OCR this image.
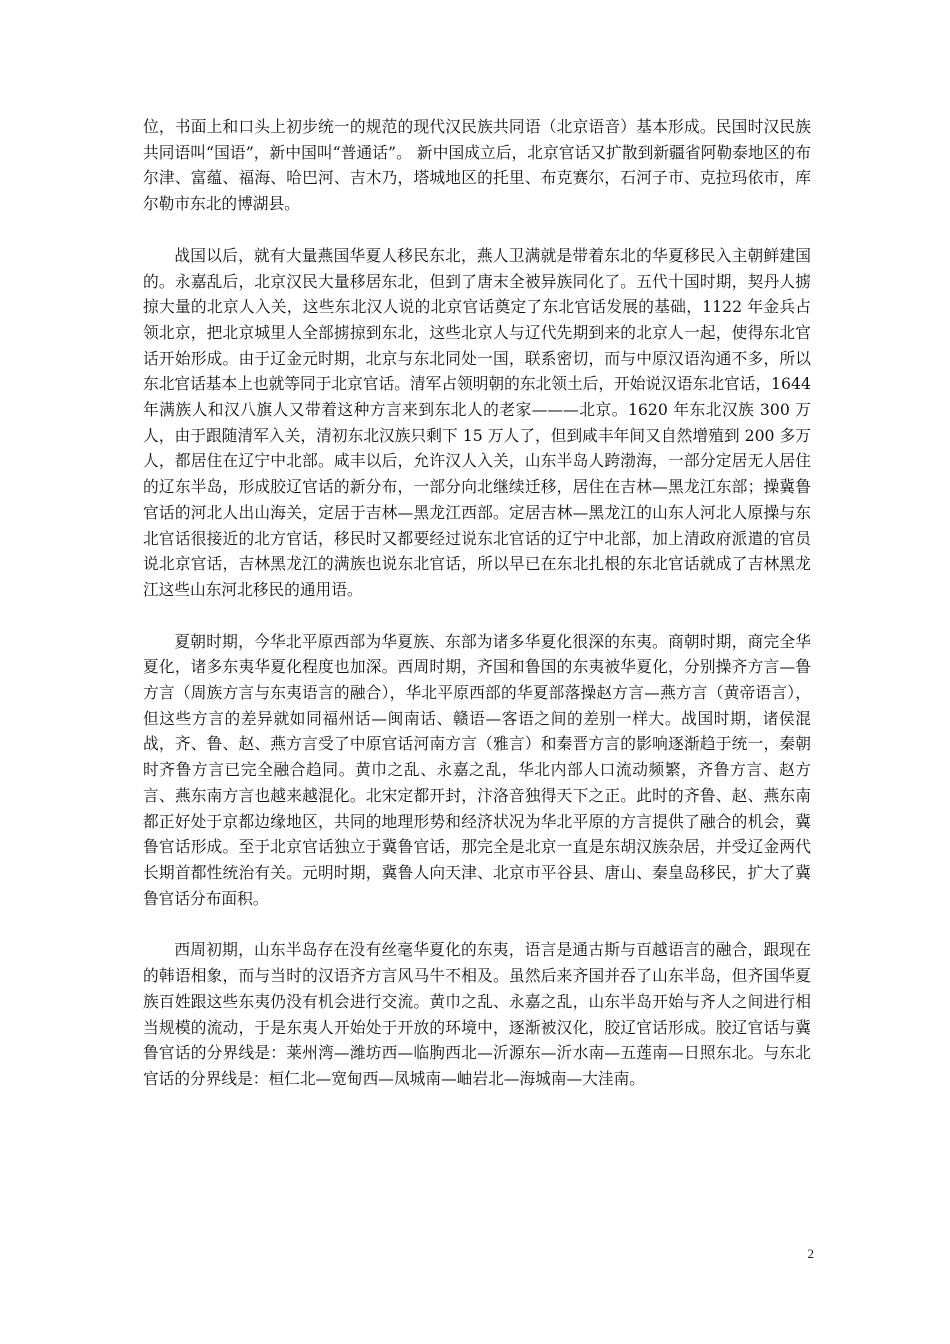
位，书面上和口头上初步统一的规范的现代汉民族共同语（北京语音）基本形成。民国时汉民族共同语叫“国语”，新中国叫“普通话”。 新中国成立后，北京官话又扩散到新疆省阿勒泰地区的布尔津、富蕴、福海、哈巴河、吉木乃，塔城地区的托里、布克赛尔，石河子市、克拉玛依市，库尔勒市东北的博湖县。

战国以后，就有大量燕国华夏人移民东北，燕人卫满就是带着东北的华夏移民入主朝鲜建国的。永嘉乱后，北京汉民大量移居东北，但到了唐末全被异族同化了。五代十国时期，契丹人掳掠大量的北京人入关，这些东北汉人说的北京官话奠定了东北官话发展的基础，1122 年金兵占领北京，把北京城里人全部掳掠到东北，这些北京人与辽代先期到来的北京人一起，使得东北官话开始形成。由于辽金元时期，北京与东北同处一国，联系密切，而与中原汉语沟通不多，所以东北官话基本上也就等同于北京官话。清军占领明朝的东北领土后，开始说汉语东北官话，1644 年满族人和汉八旗人又带着这种方言来到东北人的老家———北京。1620 年东北汉族 300 万人，由于跟随清军入关，清初东北汉族只剩下 15 万人了，但到咸丰年间又自然增殖到 200 多万人，都居住在辽宁中北部。咸丰以后，允许汉人入关，山东半岛人跨渤海，一部分定居无人居住的辽东半岛，形成胶辽官话的新分布，一部分向北继续迁移，居住在吉林—黑龙江东部；操冀鲁官话的河北人出山海关，定居于吉林—黑龙江西部。定居吉林—黑龙江的山东人河北人原操与东北官话很接近的北方官话，移民时又都要经过说东北官话的辽宁中北部，加上清政府派遣的官员说北京官话，吉林黑龙江的满族也说东北官话，所以早已在东北扎根的东北官话就成了吉林黑龙江这些山东河北移民的通用语。

夏朝时期，今华北平原西部为华夏族、东部为诸多华夏化很深的东夷。商朝时期，商完全华夏化，诸多东夷华夏化程度也加深。西周时期，齐国和鲁国的东夷被华夏化，分别操齐方言—鲁方言（周族方言与东夷语言的融合），华北平原西部的华夏部落操赵方言—燕方言（黄帝语言），但这些方言的差异就如同福州话—闽南话、赣语—客语之间的差别一样大。战国时期，诸侯混战，齐、鲁、赵、燕方言受了中原官话河南方言（雅言）和秦晋方言的影响逐渐趋于统一，秦朝时齐鲁方言已完全融合趋同。黄巾之乱、永嘉之乱，华北内部人口流动频繁，齐鲁方言、赵方言、燕东南方言也越来越混化。北宋定都开封，汴洛音独得天下之正。此时的齐鲁、赵、燕东南都正好处于京都边缘地区，共同的地理形势和经济状况为华北平原的方言提供了融合的机会，冀鲁官话形成。至于北京官话独立于冀鲁官话，那完全是北京一直是东胡汉族杂居，并受辽金两代长期首都性统治有关。元明时期，冀鲁人向天津、北京市平谷县、唐山、秦皇岛移民，扩大了冀鲁官话分布面积。

西周初期，山东半岛存在没有丝毫华夏化的东夷，语言是通古斯与百越语言的融合，跟现在的韩语相象，而与当时的汉语齐方言风马牛不相及。虽然后来齐国并吞了山东半岛，但齐国华夏族百姓跟这些东夷仍没有机会进行交流。黄巾之乱、永嘉之乱，山东半岛开始与齐人之间进行相当规模的流动，于是东夷人开始处于开放的环境中，逐渐被汉化，胶辽官话形成。胶辽官话与冀鲁官话的分界线是：莱州湾—潍坊西—临朐西北—沂源东—沂水南—五莲南—日照东北。与东北官话的分界线是：桓仁北—宽甸西—凤城南—岫岩北—海城南—大洼南。

2
